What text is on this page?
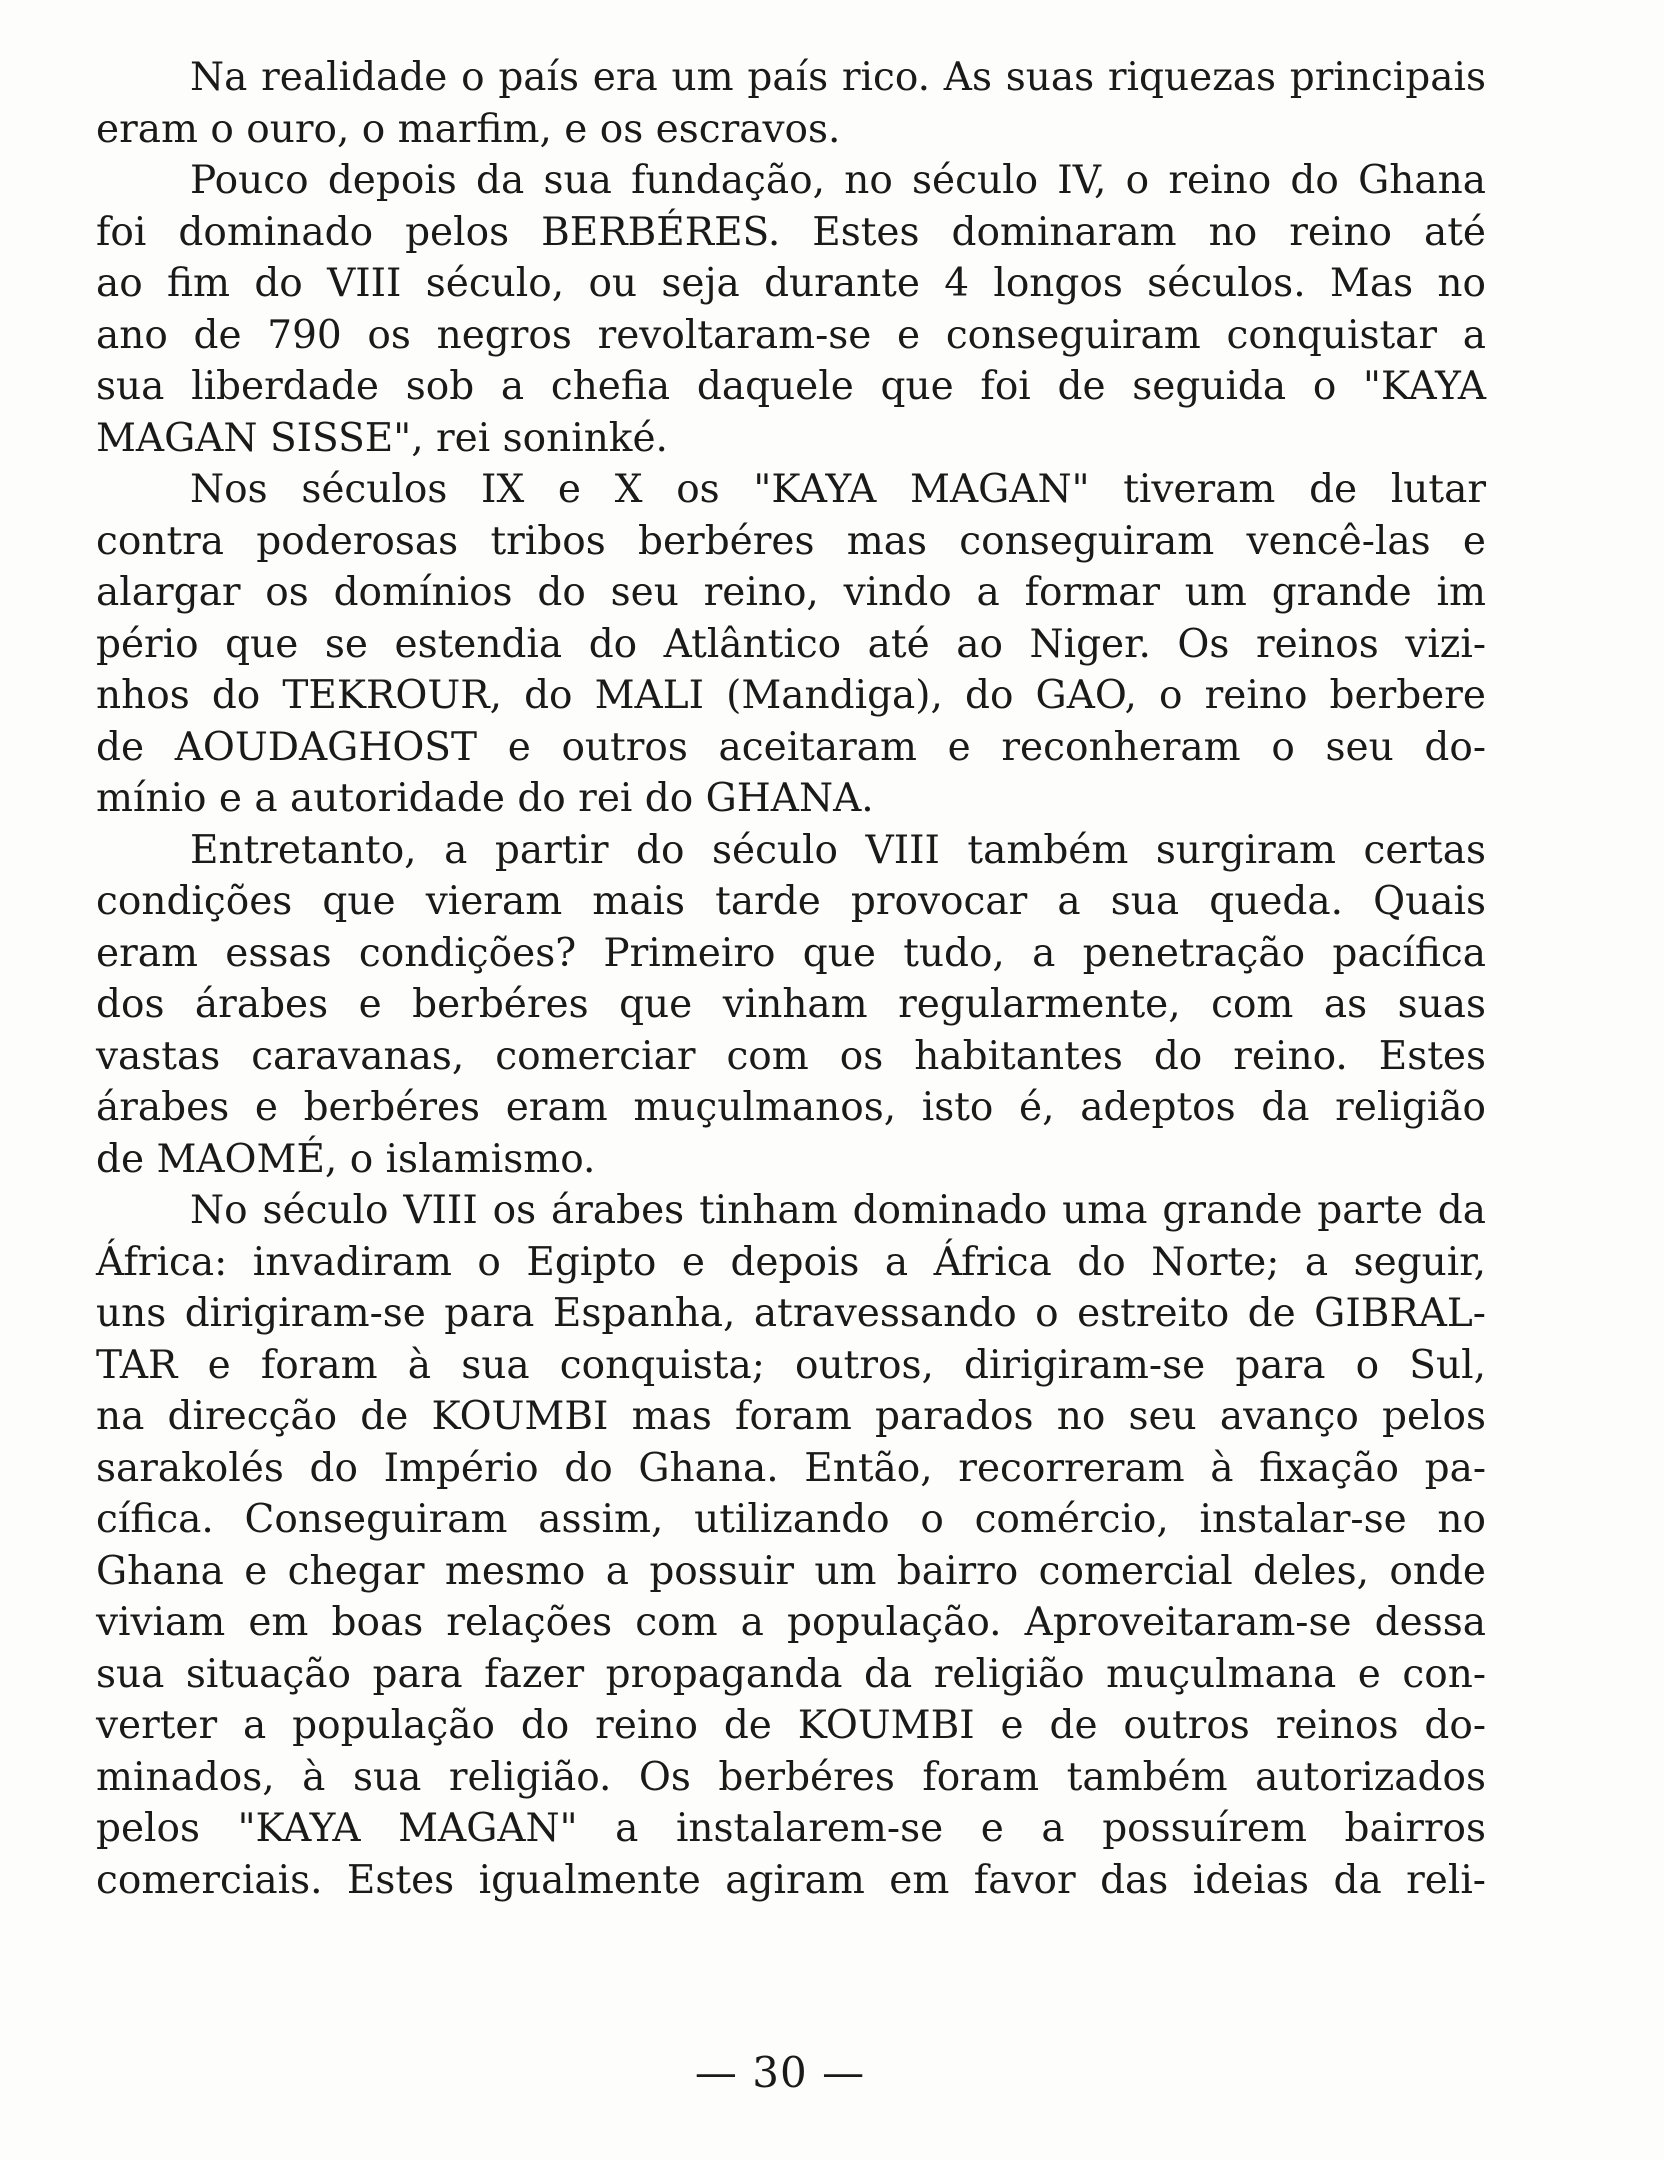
Na realidade o país era um país rico. As suas riquezas principais
eram o ouro, o marfim, e os escravos.
Pouco depois da sua fundação, no século IV, o reino do Ghana
foi dominado pelos BERBÉRES. Estes dominaram no reino até
ao fim do VIII século, ou seja durante 4 longos séculos. Mas no
ano de 790 os negros revoltaram-se e conseguiram conquistar a
sua liberdade sob a chefia daquele que foi de seguida o "KAYA
MAGAN SISSE", rei soninké.
Nos séculos IX e X os "KAYA MAGAN" tiveram de lutar
contra poderosas tribos berbéres mas conseguiram vencê-las e
alargar os domínios do seu reino, vindo a formar um grande im
pério que se estendia do Atlântico até ao Niger. Os reinos vizi-
nhos do TEKROUR, do MALI (Mandiga), do GAO, o reino berbere
de AOUDAGHOST e outros aceitaram e reconheram o seu do-
mínio e a autoridade do rei do GHANA.
Entretanto, a partir do século VIII também surgiram certas
condições que vieram mais tarde provocar a sua queda. Quais
eram essas condições? Primeiro que tudo, a penetração pacífica
dos árabes e berbéres que vinham regularmente, com as suas
vastas caravanas, comerciar com os habitantes do reino. Estes
árabes e berbéres eram muçulmanos, isto é, adeptos da religião
de MAOMÉ, o islamismo.
No século VIII os árabes tinham dominado uma grande parte da
África: invadiram o Egipto e depois a África do Norte; a seguir,
uns dirigiram-se para Espanha, atravessando o estreito de GIBRAL-
TAR e foram à sua conquista; outros, dirigiram-se para o Sul,
na direcção de KOUMBI mas foram parados no seu avanço pelos
sarakolés do Império do Ghana. Então, recorreram à fixação pa-
cífica. Conseguiram assim, utilizando o comércio, instalar-se no
Ghana e chegar mesmo a possuir um bairro comercial deles, onde
viviam em boas relações com a população. Aproveitaram-se dessa
sua situação para fazer propaganda da religião muçulmana e con-
verter a população do reino de KOUMBI e de outros reinos do-
minados, à sua religião. Os berbéres foram também autorizados
pelos "KAYA MAGAN" a instalarem-se e a possuírem bairros
comerciais. Estes igualmente agiram em favor das ideias da reli-
— 30 —
